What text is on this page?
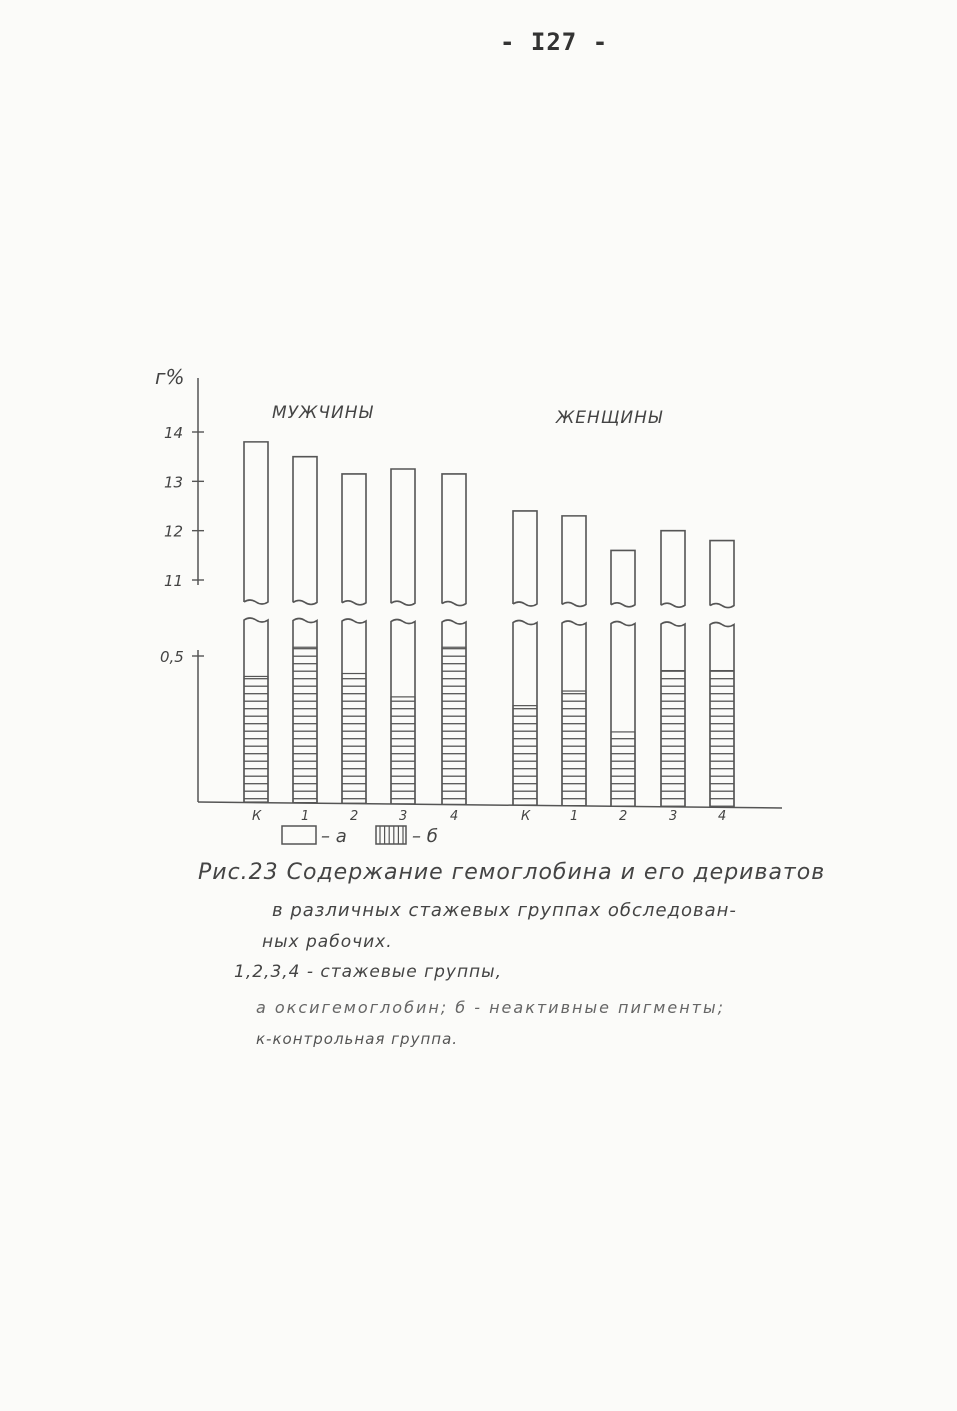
- I27 -
г%
14
13
12
11
0,5
МУЖЧИНЫ	ЖЕНЩИНЫ
К	1	2	3	4	К	1	2	3	4
– а	– б
Рис.23 Содержание гемоглобина и его дериватов
в различных стажевых группах обследован-
ных рабочих.
1,2,3,4 - стажевые группы,
а оксигемоглобин; б - неактивные пигменты;
к-контрольная группа.
